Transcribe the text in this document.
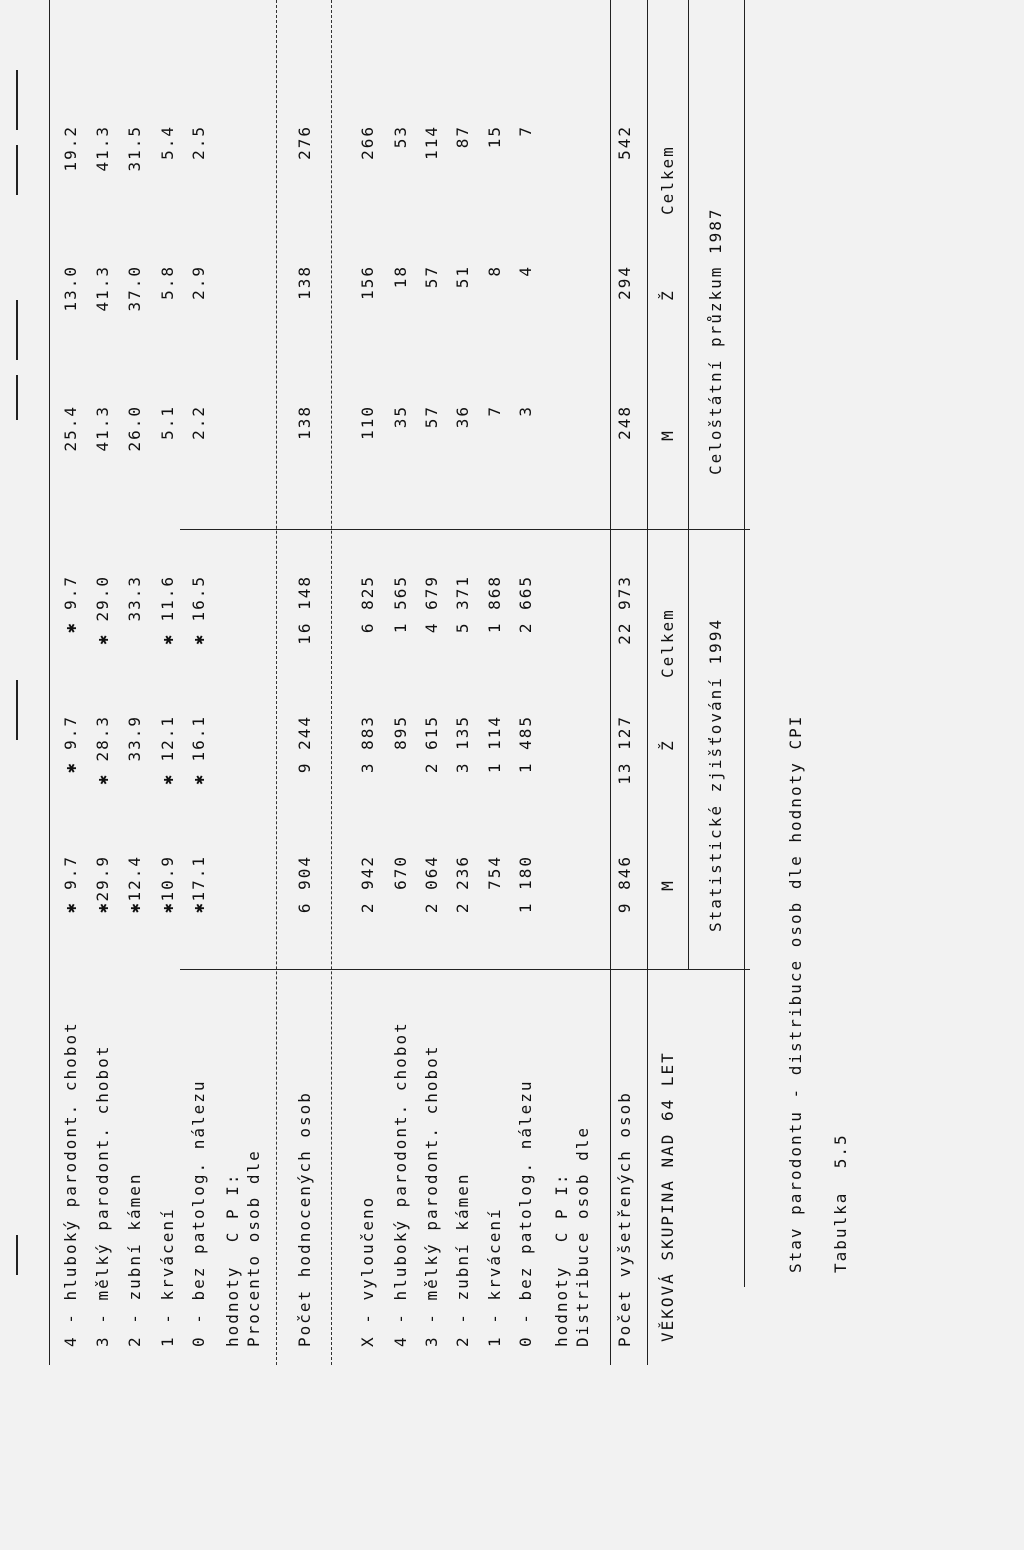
Tabulka  5.5
Stav parodontu - distribuce osob dle hodnoty CPI
VĚKOVÁ SKUPINA NAD 64 LET
Statistické zjišťování 1994
Celoštátní průzkum 1987
M
Ž
Celkem
M
Ž
Celkem
Počet vyšetřených osob
9 846
13 127
22 973
248
294
542
Distribuce osob dle
hodnoty  C P I:
0 - bez patolog. nálezu
1 180
1 485
2 665
3
4
7
1 - krvácení
754
1 114
1 868
7
8
15
2 - zubní kámen
2 236
3 135
5 371
36
51
87
3 - mělký parodont. chobot
2 064
2 615
4 679
57
57
114
4 - hluboký parodont. chobot
670
895
1 565
35
18
53
X - vyloučeno
2 942
3 883
6 825
110
156
266
Počet hodnocených osob
6 904
9 244
16 148
138
138
276
Procento osob dle
hodnoty  C P I:
0 - bez patolog. nálezu
✱17.1
✱ 16.1
✱ 16.5
2.2
2.9
2.5
1 - krvácení
✱10.9
✱ 12.1
✱ 11.6
5.1
5.8
5.4
2 - zubní kámen
✱12.4
33.9
33.3
26.0
37.0
31.5
3 - mělký parodont. chobot
✱29.9
✱ 28.3
✱ 29.0
41.3
41.3
41.3
4 - hluboký parodont. chobot
✱ 9.7
✱ 9.7
✱ 9.7
25.4
13.0
19.2
